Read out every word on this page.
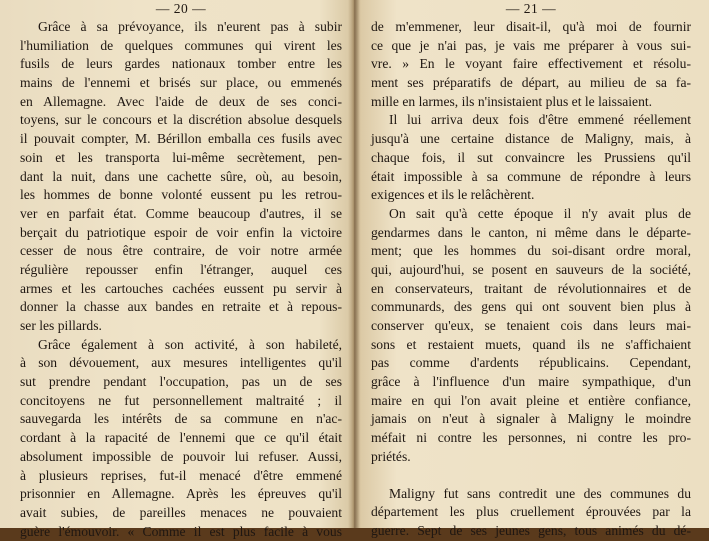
— 20 —
Grâce à sa prévoyance, ils n'eurent pas à subir
l'humiliation de quelques communes qui virent les
fusils de leurs gardes nationaux tomber entre les
mains de l'ennemi et brisés sur place, ou emmenés
en Allemagne. Avec l'aide de deux de ses conci-
toyens, sur le concours et la discrétion absolue desquels
il pouvait compter, M. Bérillon emballa ces fusils avec
soin et les transporta lui-même secrètement, pen-
dant la nuit, dans une cachette sûre, où, au besoin,
les hommes de bonne volonté eussent pu les retrou-
ver en parfait état. Comme beaucoup d'autres, il se
berçait du patriotique espoir de voir enfin la victoire
cesser de nous être contraire, de voir notre armée
régulière repousser enfin l'étranger, auquel ces
armes et les cartouches cachées eussent pu servir à
donner la chasse aux bandes en retraite et à repous-
ser les pillards.
Grâce également à son activité, à son habileté,
à son dévouement, aux mesures intelligentes qu'il
sut prendre pendant l'occupation, pas un de ses
concitoyens ne fut personnellement maltraité ; il
sauvegarda les intérêts de sa commune en n'ac-
cordant à la rapacité de l'ennemi que ce qu'il était
absolument impossible de pouvoir lui refuser. Aussi,
à plusieurs reprises, fut-il menacé d'être emmené
prisonnier en Allemagne. Après les épreuves qu'il
avait subies, de pareilles menaces ne pouvaient
guère l'émouvoir. « Comme il est plus facile à vous
— 21 —
de m'emmener, leur disait-il, qu'à moi de fournir
ce que je n'ai pas, je vais me préparer à vous sui-
vre. » En le voyant faire effectivement et résolu-
ment ses préparatifs de départ, au milieu de sa fa-
mille en larmes, ils n'insistaient plus et le laissaient.
Il lui arriva deux fois d'être emmené réellement
jusqu'à une certaine distance de Maligny, mais, à
chaque fois, il sut convaincre les Prussiens qu'il
était impossible à sa commune de répondre à leurs
exigences et ils le relâchèrent.
On sait qu'à cette époque il n'y avait plus de
gendarmes dans le canton, ni même dans le départe-
ment; que les hommes du soi-disant ordre moral,
qui, aujourd'hui, se posent en sauveurs de la société,
en conservateurs, traitant de révolutionnaires et de
communards, des gens qui ont souvent bien plus à
conserver qu'eux, se tenaient cois dans leurs mai-
sons et restaient muets, quand ils ne s'affichaient
pas comme d'ardents républicains. Cependant,
grâce à l'influence d'un maire sympathique, d'un
maire en qui l'on avait pleine et entière confiance,
jamais on n'eut à signaler à Maligny le moindre
méfait ni contre les personnes, ni contre les pro-
priétés.
Maligny fut sans contredit une des communes du
département les plus cruellement éprouvées par la
guerre. Sept de ses jeunes gens, tous animés du dé-
